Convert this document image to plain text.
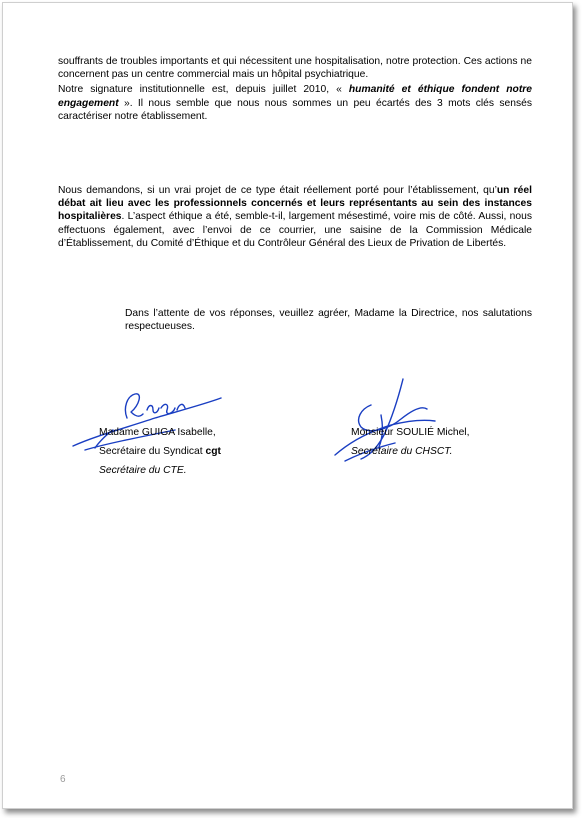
souffrants de troubles importants et qui nécessitent une hospitalisation, notre protection. Ces actions ne concernent pas un centre commercial mais un hôpital psychiatrique.

Notre signature institutionnelle est, depuis juillet 2010, « humanité et éthique fondent notre engagement ». Il nous semble que nous nous sommes un peu écartés des 3 mots clés sensés caractériser notre établissement.

Nous demandons, si un vrai projet de ce type était réellement porté pour l’établissement, qu’un réel débat ait lieu avec les professionnels concernés et leurs représentants au sein des instances hospitalières. L’aspect éthique a été, semble-t-il, largement mésestimé, voire mis de côté. Aussi, nous effectuons également, avec l’envoi de ce courrier, une saisine de la Commission Médicale d’Établissement, du Comité d’Éthique et du Contrôleur Général des Lieux de Privation de Libertés.

Dans l’attente de vos réponses, veuillez agréer, Madame la Directrice, nos salutations respectueuses.

Madame GUIGA Isabelle,
Secrétaire du Syndicat cgt
Secrétaire du CTE.
Monsieur SOULIÉ Michel,
Secrétaire du CHSCT.
6
